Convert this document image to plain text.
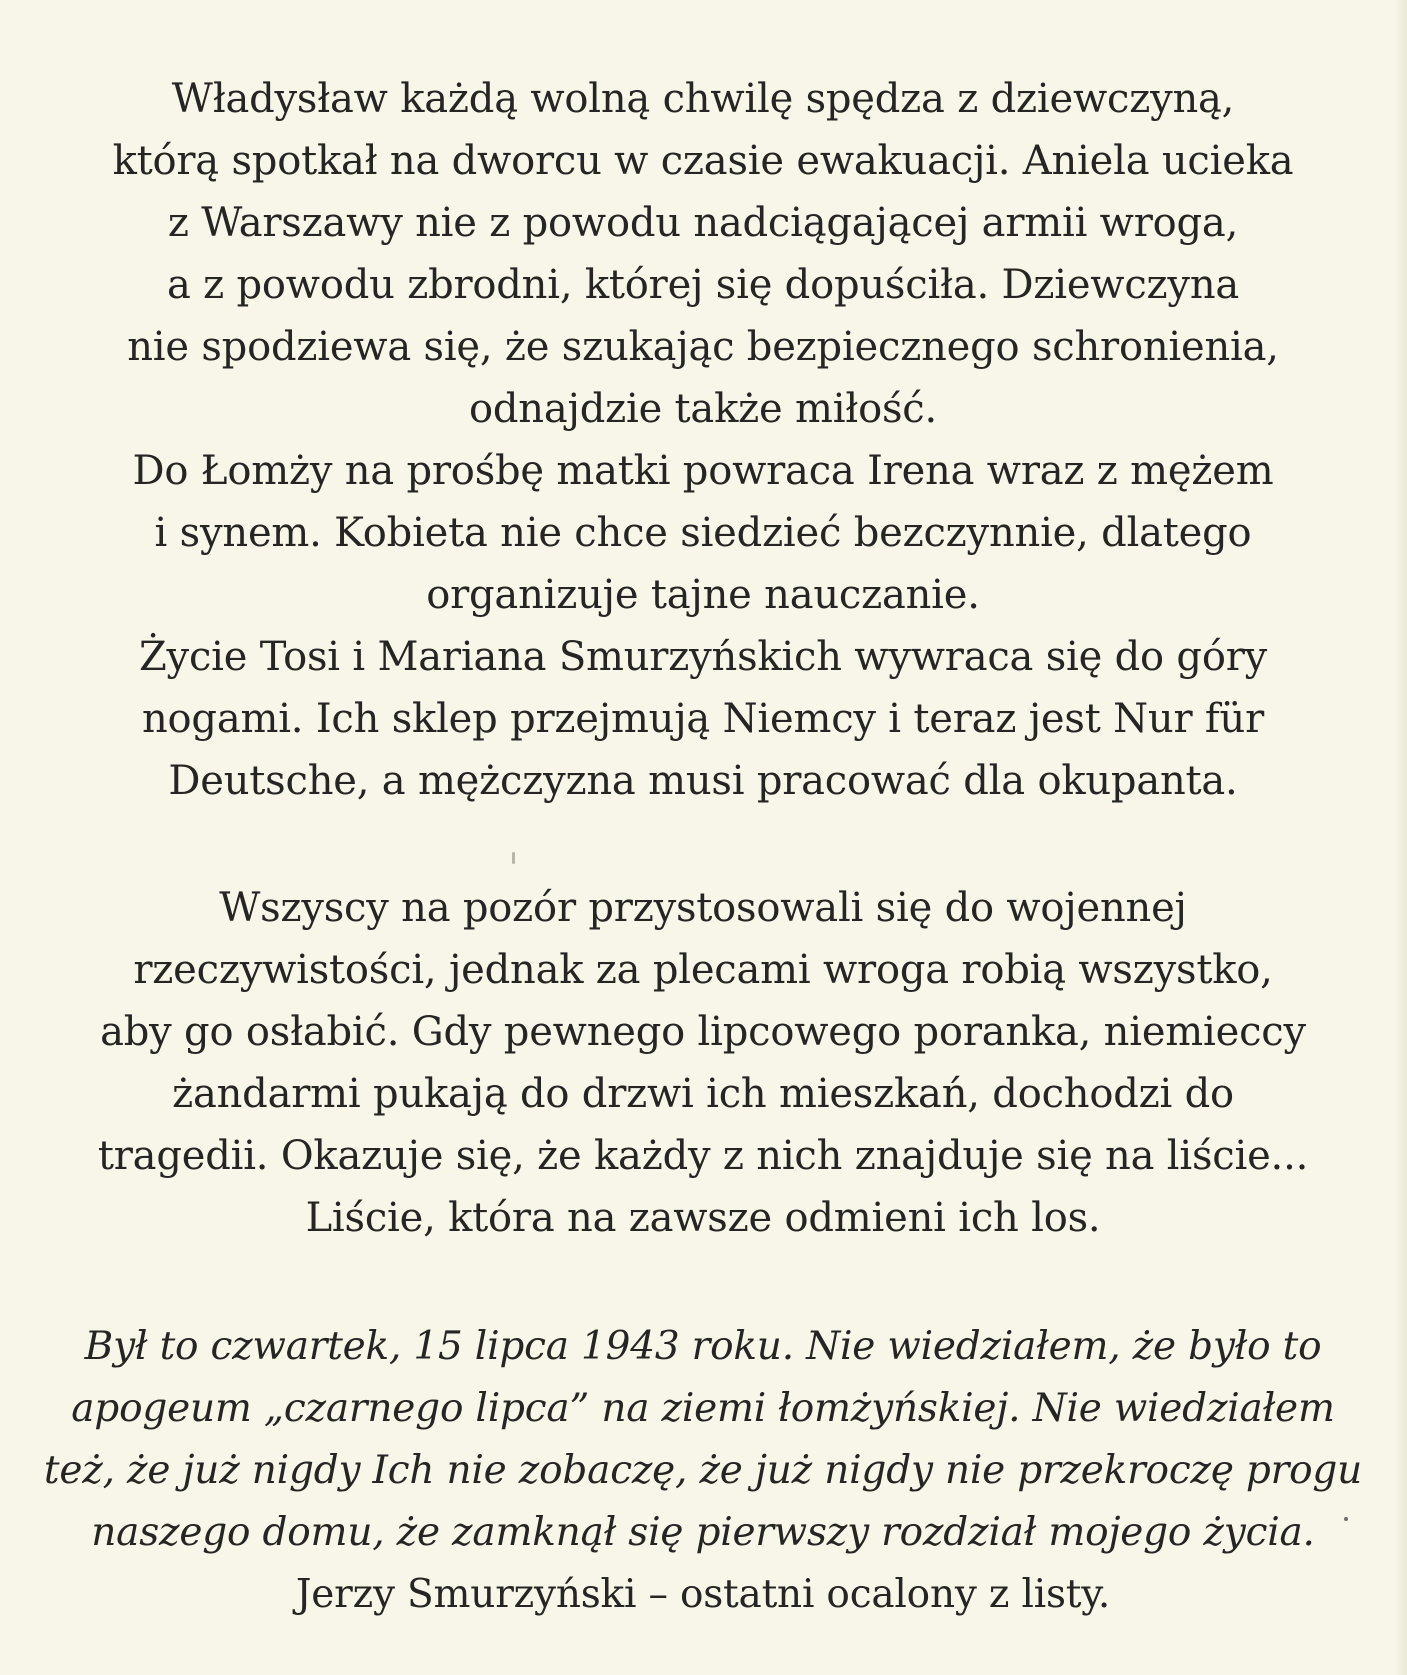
Władysław każdą wolną chwilę spędza z dziewczyną,
którą spotkał na dworcu w czasie ewakuacji. Aniela ucieka
z Warszawy nie z powodu nadciągającej armii wroga,
a z powodu zbrodni, której się dopuściła. Dziewczyna
nie spodziewa się, że szukając bezpiecznego schronienia,
odnajdzie także miłość.
Do Łomży na prośbę matki powraca Irena wraz z mężem
i synem. Kobieta nie chce siedzieć bezczynnie, dlatego
organizuje tajne nauczanie.
Życie Tosi i Mariana Smurzyńskich wywraca się do góry
nogami. Ich sklep przejmują Niemcy i teraz jest Nur für
Deutsche, a mężczyzna musi pracować dla okupanta.
Wszyscy na pozór przystosowali się do wojennej
rzeczywistości, jednak za plecami wroga robią wszystko,
aby go osłabić. Gdy pewnego lipcowego poranka, niemieccy
żandarmi pukają do drzwi ich mieszkań, dochodzi do
tragedii. Okazuje się, że każdy z nich znajduje się na liście...
Liście, która na zawsze odmieni ich los.
Był to czwartek, 15 lipca 1943 roku. Nie wiedziałem, że było to
apogeum „czarnego lipca” na ziemi łomżyńskiej. Nie wiedziałem
też, że już nigdy Ich nie zobaczę, że już nigdy nie przekroczę progu
naszego domu, że zamknął się pierwszy rozdział mojego życia.
Jerzy Smurzyński – ostatni ocalony z listy.
